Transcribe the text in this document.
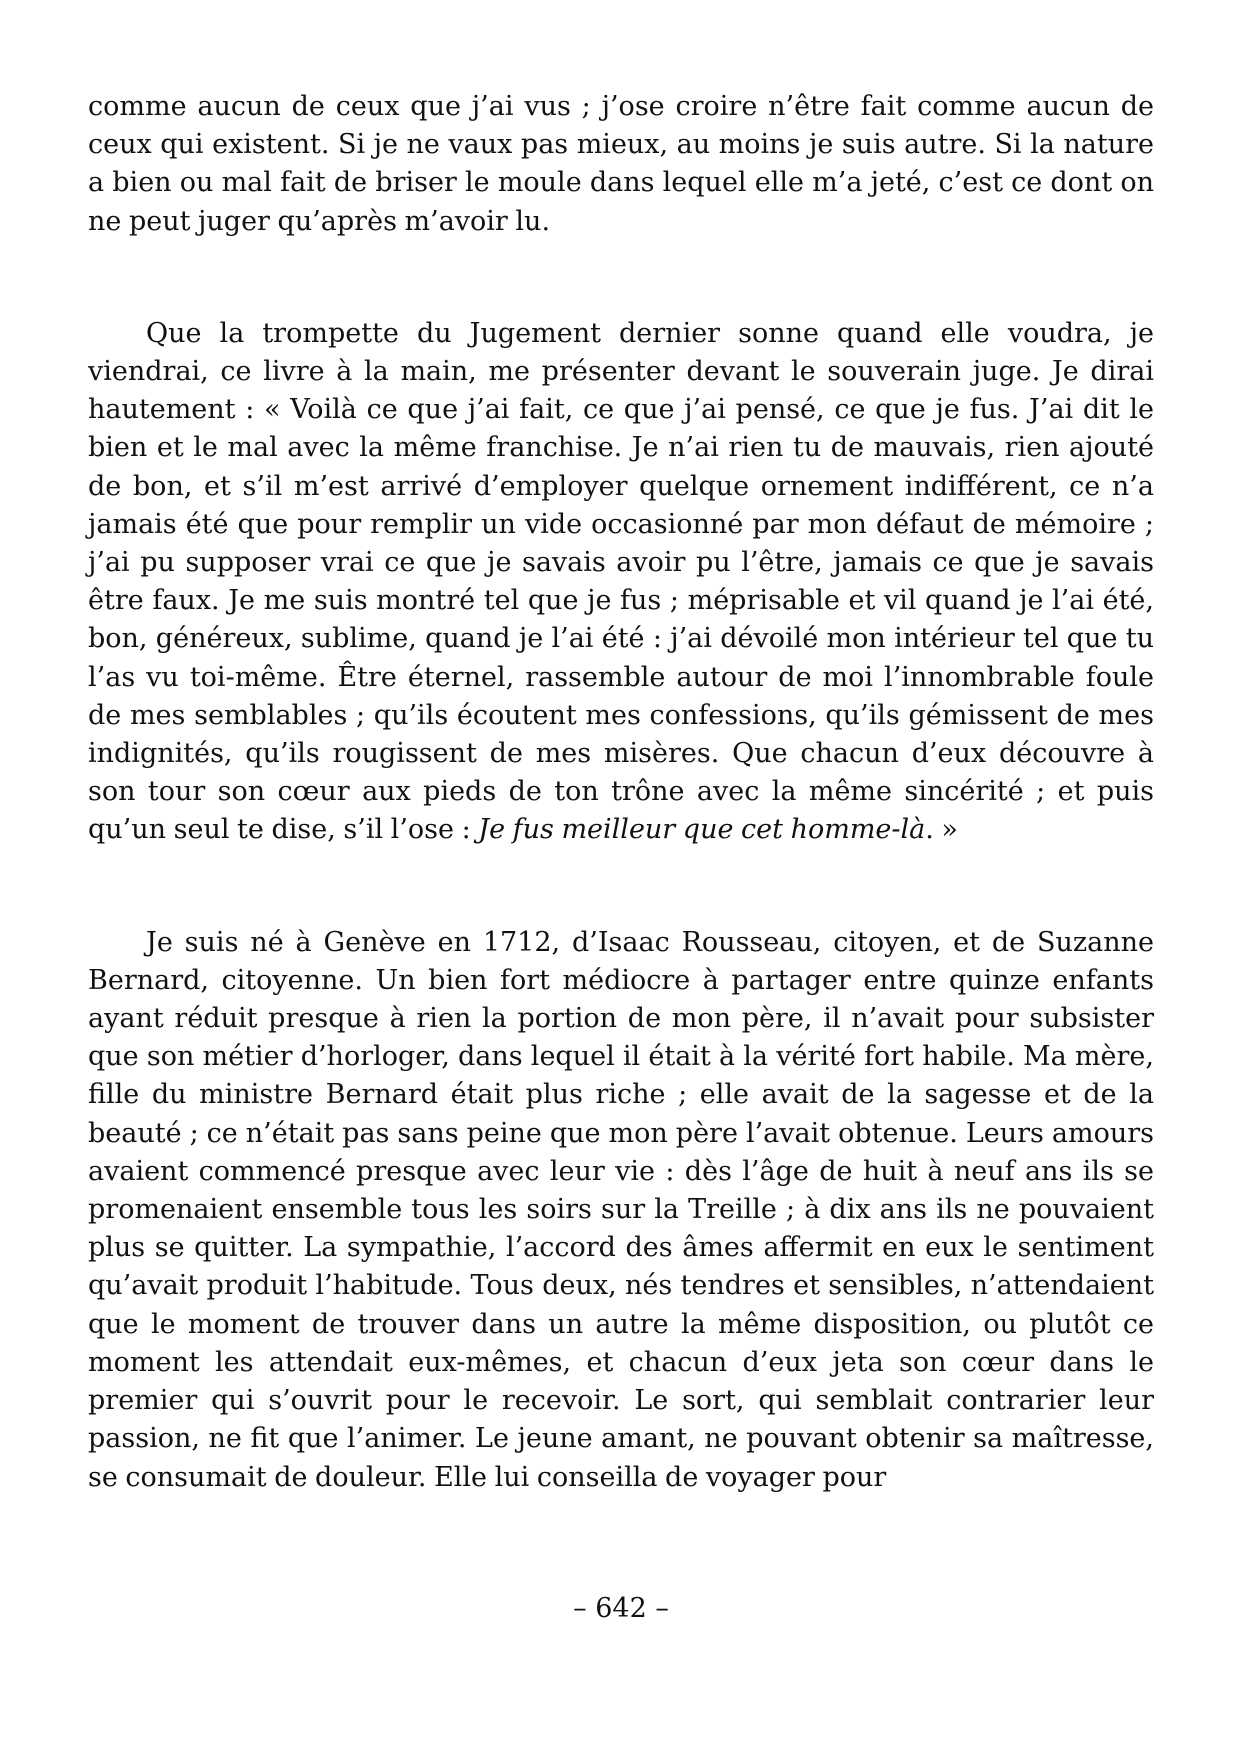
comme aucun de ceux que j’ai vus ; j’ose croire n’être fait comme aucun de ceux qui existent. Si je ne vaux pas mieux, au moins je suis autre. Si la nature a bien ou mal fait de briser le moule dans lequel elle m’a jeté, c’est ce dont on ne peut juger qu’après m’avoir lu.

Que la trompette du Jugement dernier sonne quand elle voudra, je viendrai, ce livre à la main, me présenter devant le souverain juge. Je dirai hautement : « Voilà ce que j’ai fait, ce que j’ai pensé, ce que je fus. J’ai dit le bien et le mal avec la même franchise. Je n’ai rien tu de mauvais, rien ajouté de bon, et s’il m’est arrivé d’employer quelque ornement indifférent, ce n’a jamais été que pour remplir un vide occasionné par mon défaut de mémoire ; j’ai pu supposer vrai ce que je savais avoir pu l’être, jamais ce que je savais être faux. Je me suis montré tel que je fus ; méprisable et vil quand je l’ai été, bon, généreux, sublime, quand je l’ai été : j’ai dévoilé mon intérieur tel que tu l’as vu toi-même. Être éternel, rassemble autour de moi l’innombrable foule de mes semblables ; qu’ils écoutent mes confessions, qu’ils gémissent de mes indignités, qu’ils rougissent de mes misères. Que chacun d’eux découvre à son tour son cœur aux pieds de ton trône avec la même sincérité ; et puis qu’un seul te dise, s’il l’ose : Je fus meilleur que cet homme-là. »

Je suis né à Genève en 1712, d’Isaac Rousseau, citoyen, et de Suzanne Bernard, citoyenne. Un bien fort médiocre à partager entre quinze enfants ayant réduit presque à rien la portion de mon père, il n’avait pour subsister que son métier d’horloger, dans lequel il était à la vérité fort habile. Ma mère, fille du ministre Bernard était plus riche ; elle avait de la sagesse et de la beauté ; ce n’était pas sans peine que mon père l’avait obtenue. Leurs amours avaient commencé presque avec leur vie : dès l’âge de huit à neuf ans ils se promenaient ensemble tous les soirs sur la Treille ; à dix ans ils ne pouvaient plus se quitter. La sympathie, l’accord des âmes affermit en eux le sentiment qu’avait produit l’habitude. Tous deux, nés tendres et sensibles, n’attendaient que le moment de trouver dans un autre la même disposition, ou plutôt ce moment les attendait eux-mêmes, et chacun d’eux jeta son cœur dans le premier qui s’ouvrit pour le recevoir. Le sort, qui semblait contrarier leur passion, ne fit que l’animer. Le jeune amant, ne pouvant obtenir sa maîtresse, se consumait de douleur. Elle lui conseilla de voyager pour

– 642 –
